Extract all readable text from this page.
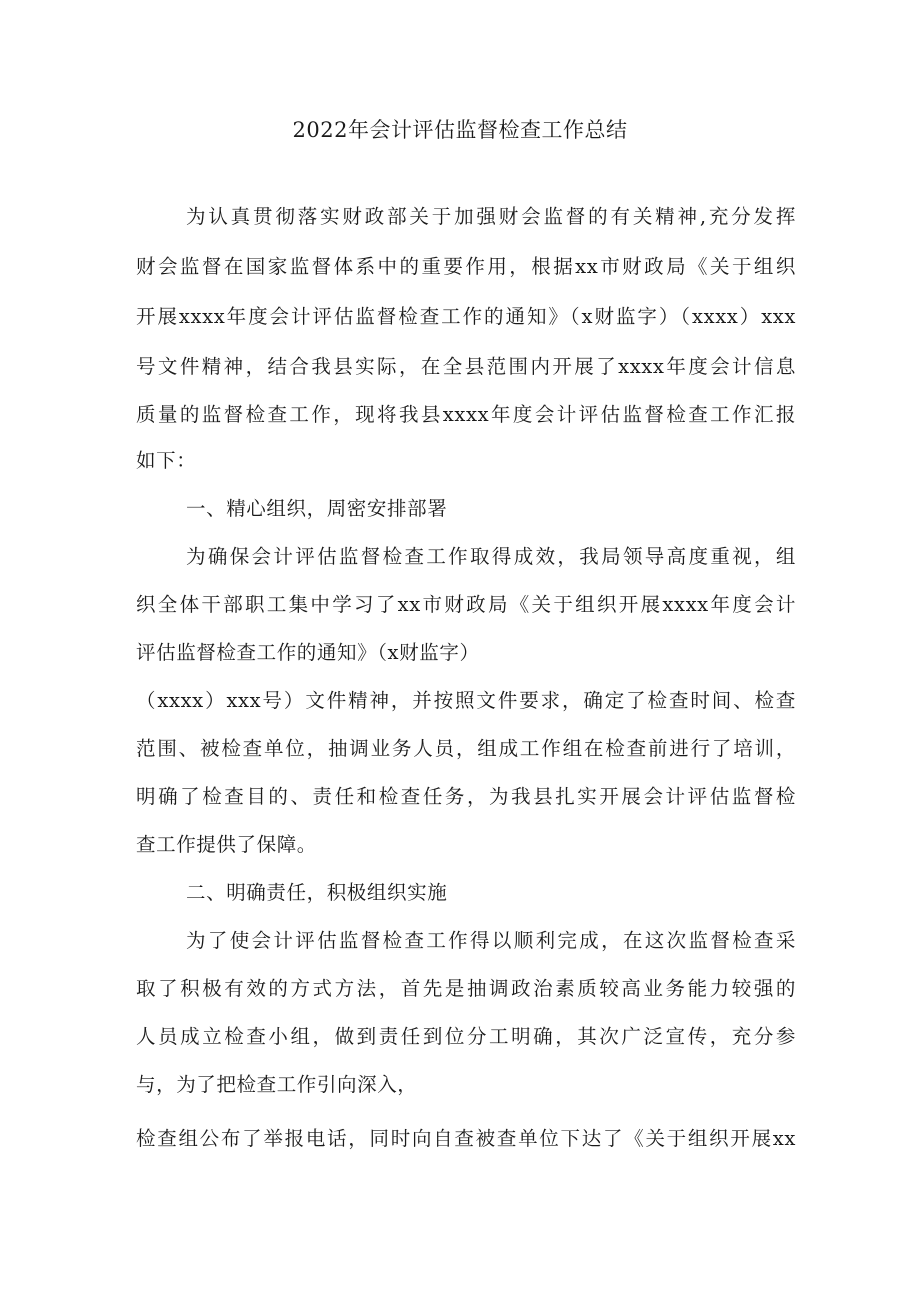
2022年会计评估监督检查工作总结
为认真贯彻落实财政部关于加强财会监督的有关精神,充分发挥
财会监督在国家监督体系中的重要作用，根据xx市财政局《关于组织
开展xxxx年度会计评估监督检查工作的通知》（x财监字）（xxxx）xxx
号文件精神，结合我县实际，在全县范围内开展了xxxx年度会计信息
质量的监督检查工作，现将我县xxxx年度会计评估监督检查工作汇报
如下：
一、精心组织，周密安排部署
为确保会计评估监督检查工作取得成效，我局领导高度重视，组
织全体干部职工集中学习了xx市财政局《关于组织开展xxxx年度会计
评估监督检查工作的通知》（x财监字）
（xxxx）xxx号）文件精神，并按照文件要求，确定了检查时间、检查
范围、被检查单位，抽调业务人员，组成工作组在检查前进行了培训，
明确了检查目的、责任和检查任务，为我县扎实开展会计评估监督检
查工作提供了保障。
二、明确责任，积极组织实施
为了使会计评估监督检查工作得以顺利完成，在这次监督检查采
取了积极有效的方式方法，首先是抽调政治素质较高业务能力较强的
人员成立检查小组，做到责任到位分工明确，其次广泛宣传，充分参
与，为了把检查工作引向深入，
检查组公布了举报电话，同时向自查被查单位下达了《关于组织开展xx
